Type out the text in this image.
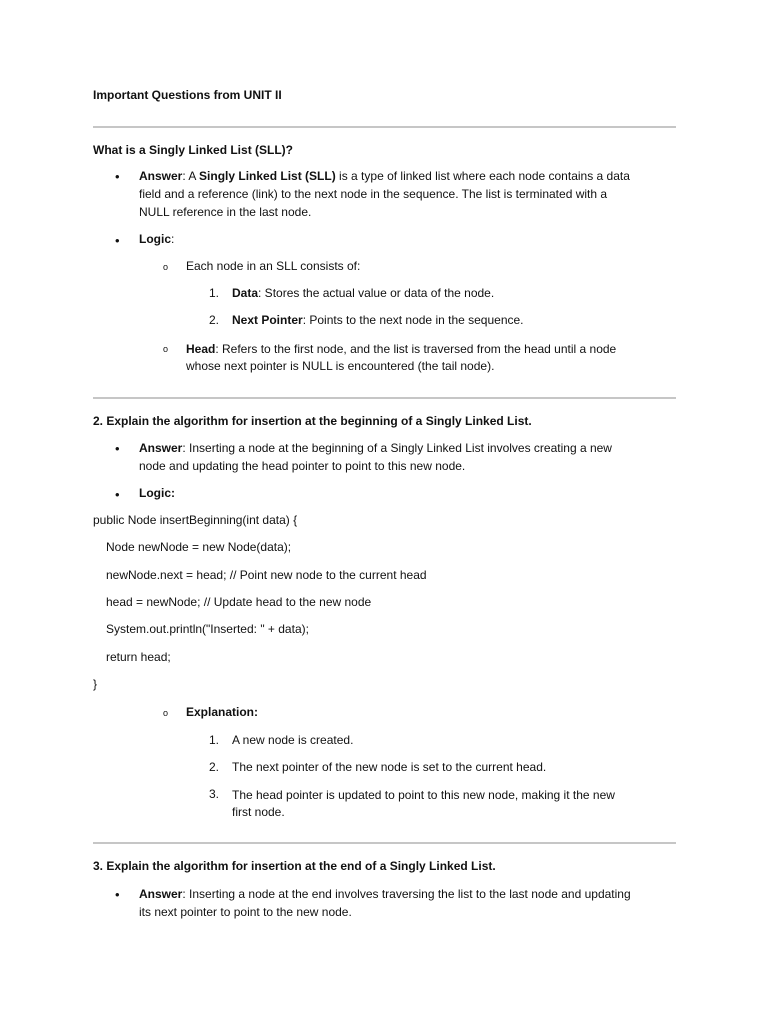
Important Questions from UNIT II
What is a Singly Linked List (SLL)?
• Answer: A Singly Linked List (SLL) is a type of linked list where each node contains a data
field and a reference (link) to the next node in the sequence. The list is terminated with a
NULL reference in the last node.
• Logic:
o Each node in an SLL consists of:
1. Data: Stores the actual value or data of the node.
2. Next Pointer: Points to the next node in the sequence.
o Head: Refers to the first node, and the list is traversed from the head until a node
whose next pointer is NULL is encountered (the tail node).
2. Explain the algorithm for insertion at the beginning of a Singly Linked List.
• Answer: Inserting a node at the beginning of a Singly Linked List involves creating a new
node and updating the head pointer to point to this new node.
• Logic:
public Node insertBeginning(int data) {
Node newNode = new Node(data);
newNode.next = head; // Point new node to the current head
head = newNode; // Update head to the new node
System.out.println("Inserted: " + data);
return head;
}
o Explanation:
1. A new node is created.
2. The next pointer of the new node is set to the current head.
3. The head pointer is updated to point to this new node, making it the new
first node.
3. Explain the algorithm for insertion at the end of a Singly Linked List.
• Answer: Inserting a node at the end involves traversing the list to the last node and updating
its next pointer to point to the new node.
